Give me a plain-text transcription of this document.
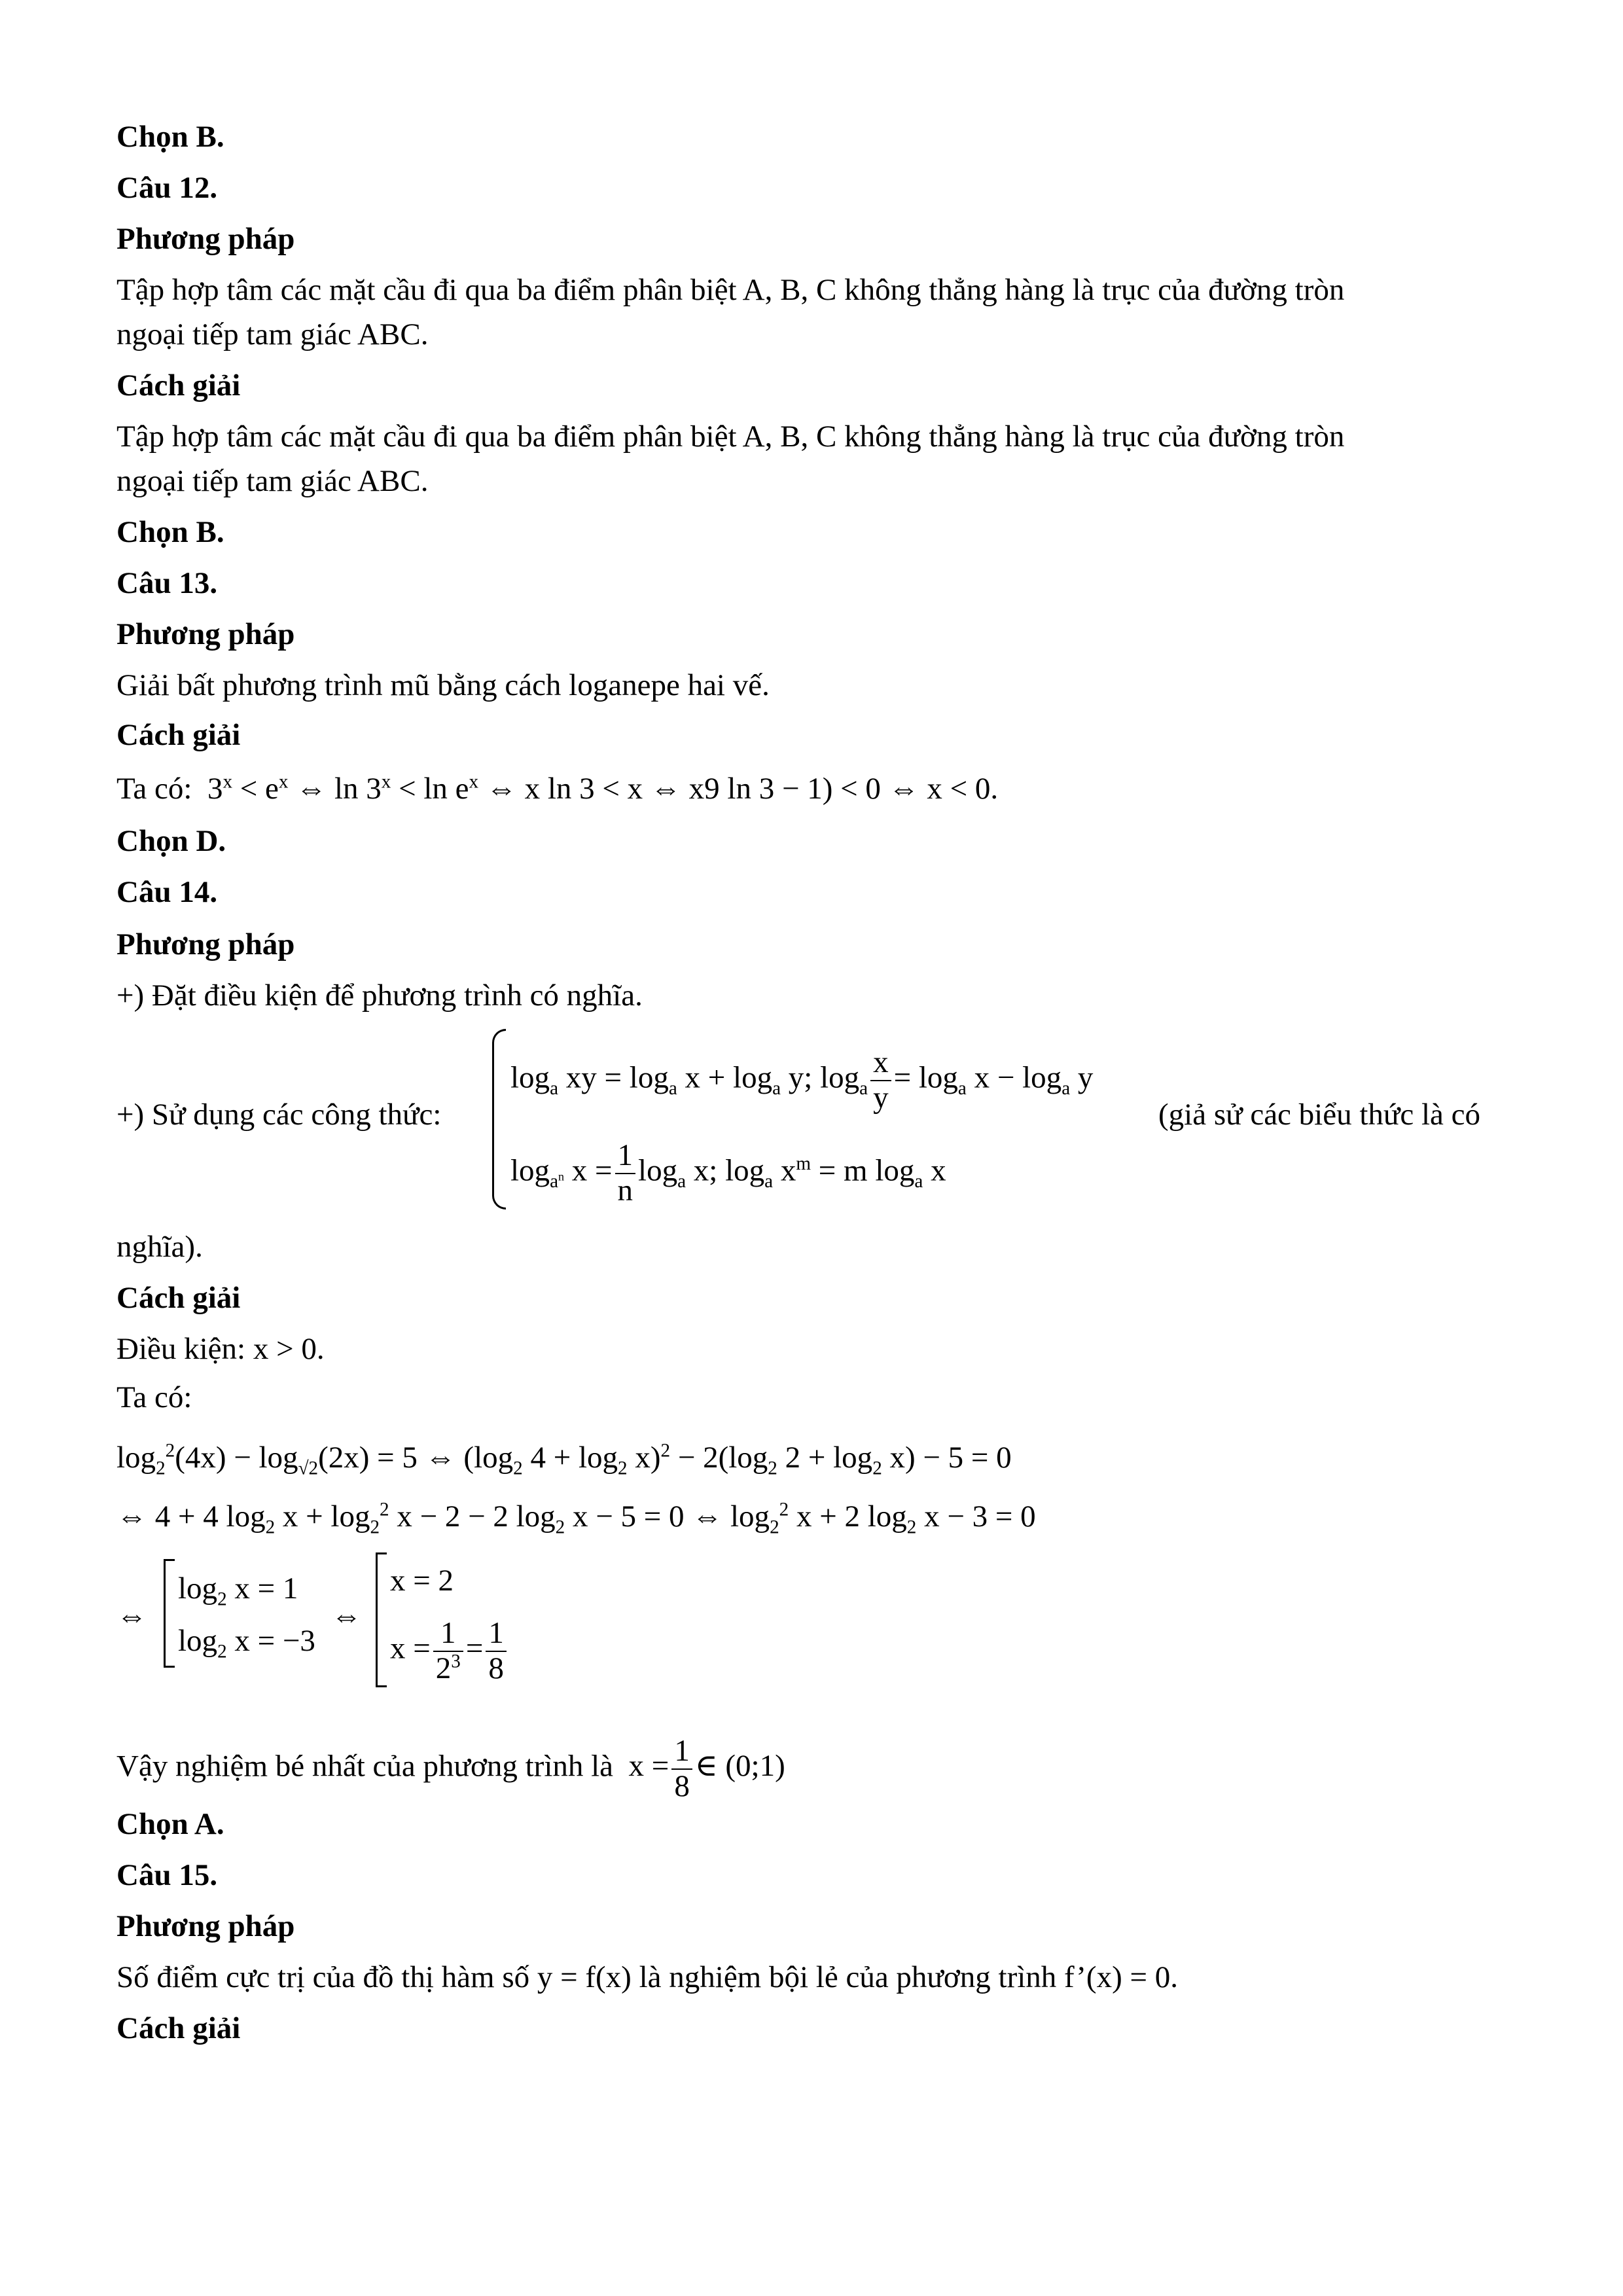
Chọn B.
Câu 12.
Phương pháp
Tập hợp tâm các mặt cầu đi qua ba điểm phân biệt A, B, C không thẳng hàng là trục của đường tròn
ngoại tiếp tam giác ABC.
Cách giải
Tập hợp tâm các mặt cầu đi qua ba điểm phân biệt A, B, C không thẳng hàng là trục của đường tròn
ngoại tiếp tam giác ABC.
Chọn B.
Câu 13.
Phương pháp
Giải bất phương trình mũ bằng cách loganepe hai vế.
Cách giải
Ta có:  $3^x < e^x$ ⇔ $\ln 3^x < \ln e^x$ ⇔ x ln 3 < x ⇔ x9 ln 3 − 1) < 0 ⇔ x < 0.
Chọn D.
Câu 14.
Phương pháp
+) Đặt điều kiện để phương trình có nghĩa.
+) Sử dụng các công thức:
$\log_a$ xy = $\log_a x + \log_a y$; $\log_a \frac{x}{y} = \log_a x - \log_a y$
$\log_{a^n} x = \frac{1}{n} \log_a x$; $\log_a x^m = m$ $\log_a x$
(giả sử các biểu thức là có
nghĩa).
Cách giải
Điều kiện: x > 0.
Ta có:
$\log_2^2(4x) - \log_{√2}(2x) = 5$ ⇔ ($\log_2$ $4 + \log_2 x)^2 - 2(\log_2$ $2 + \log_2 x) - 5 = 0$
⇔ 4 + 4 $\log_2 x + \log_2^2 x - 2 - 2$ $\log_2 x - 5 = 0$ ⇔ $\log_2^2 x + 2$ $\log_2 x - 3 = 0$
⇔
$\log_2 x = 1$
$\log_2 x = -3$
⇔
x = 2
$x = \frac{1}{2^3} = \frac{1}{8}$
Vậy nghiệm bé nhất của phương trình là  $x = \frac{1}{8}$ ∈ (0;1)
Chọn A.
Câu 15.
Phương pháp
Số điểm cực trị của đồ thị hàm số y = f(x) là nghiệm bội lẻ của phương trình f’(x) = 0.
Cách giải
